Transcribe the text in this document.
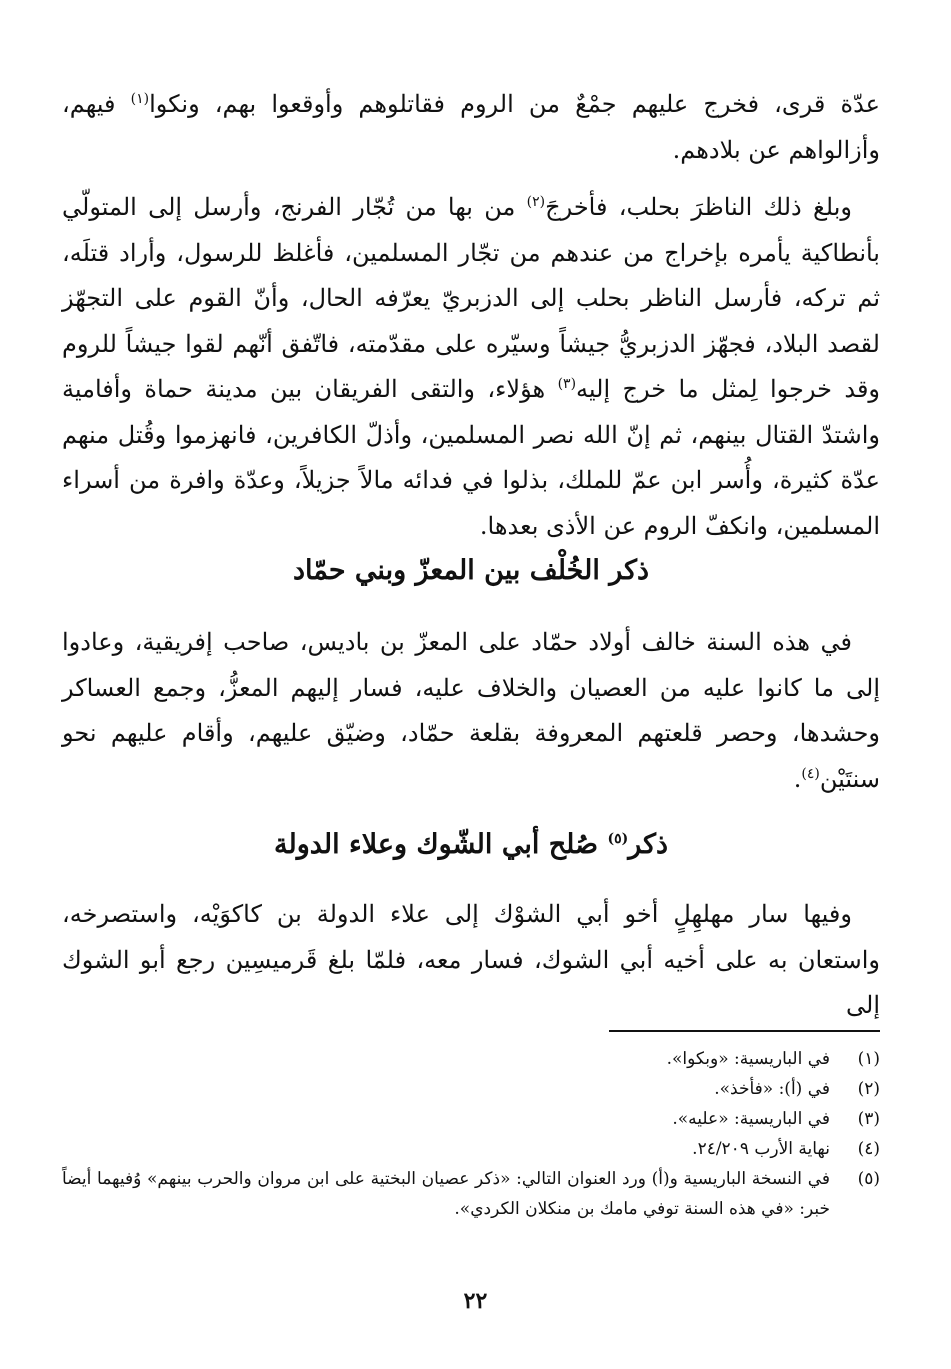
عدّة قرى، فخرج عليهم جمْعٌ من الروم فقاتلوهم وأوقعوا بهم، ونكوا$^{(١)}$ فيهم، وأزالواهم عن بلادهم.

وبلغ ذلك الناظرَ بحلب، فأخرجَ$^{(٢)}$ من بها من تُجّار الفرنج، وأرسل إلى المتولّي بأنطاكية يأمره بإخراج من عندهم من تجّار المسلمين، فأغلظ للرسول، وأراد قتلَه، ثم تركه، فأرسل الناظر بحلب إلى الدزبريّ يعرّفه الحال، وأنّ القوم على التجهّز لقصد البلاد، فجهّز الدزبريُّ جيشاً وسيّره على مقدّمته، فاتّفق أنّهم لقوا جيشاً للروم وقد خرجوا لِمثل ما خرج إليه$^{(٣)}$ هؤلاء، والتقى الفريقان بين مدينة حماة وأفامية واشتدّ القتال بينهم، ثم إنّ الله نصر المسلمين، وأذلّ الكافرين، فانهزموا وقُتل منهم عدّة كثيرة، وأُسر ابن عمّ للملك، بذلوا في فدائه مالاً جزيلاً، وعدّة وافرة من أسراء المسلمين، وانكفّ الروم عن الأذى بعدها.

ذكر الخُلْف بين المعزّ وبني حمّاد

في هذه السنة خالف أولاد حمّاد على المعزّ بن باديس، صاحب إفريقية، وعادوا إلى ما كانوا عليه من العصيان والخلاف عليه، فسار إليهم المعزُّ، وجمع العساكر وحشدها، وحصر قلعتهم المعروفة بقلعة حمّاد، وضيّق عليهم، وأقام عليهم نحو سنتَيْن$^{(٤)}$.

ذكر$^{(٥)}$ صُلح أبي الشّوك وعلاء الدولة

وفيها سار مهلهِلٍ أخو أبي الشوْك إلى علاء الدولة بن كاكوَيْه، واستصرخه، واستعان به على أخيه أبي الشوك، فسار معه، فلمّا بلغ قَرميسِين رجع أبو الشوك إلى

(١)
في الباريسية: «وبكوا».
(٢)
في (أ): «فأخذ».
(٣)
في الباريسية: «عليه».
(٤)
نهاية الأرب ٢٤/٢٠٩.
(٥)
في النسخة الباريسية و(أ) ورد العنوان التالي: «ذكر عصيان البختية على ابن مروان والحرب بينهم» وُفيهما أيضاً خبر: «في هذه السنة توفي مامك بن منكلان الكردي».
٢٢
